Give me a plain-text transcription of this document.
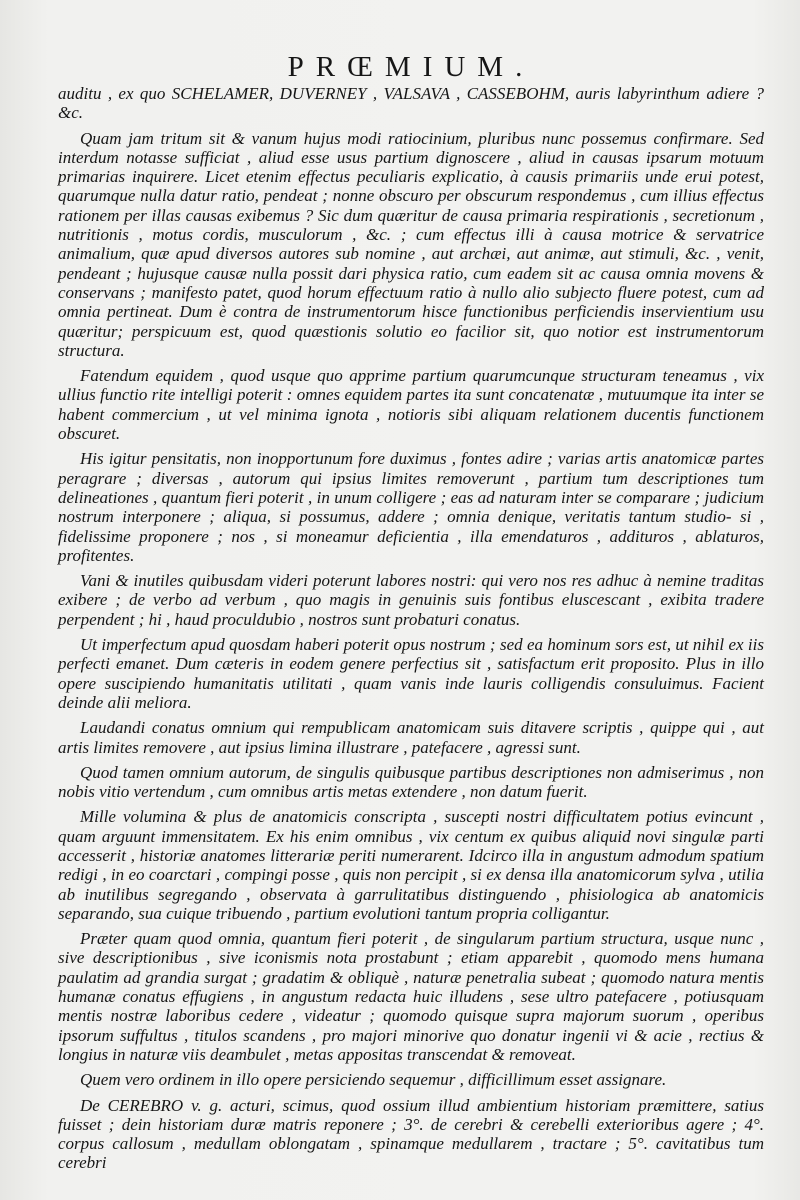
PRŒMIUM.

auditu , ex quo SCHELAMER, DUVERNEY , VALSAVA , CASSEBOHM, auris labyrinthum adiere ? &c.

Quam jam tritum sit & vanum hujus modi ratiocinium, pluribus nunc possemus confirmare. Sed interdum notasse sufficiat , aliud esse usus partium dignoscere , aliud in causas ipsarum motuum primarias inquirere. Licet etenim effectus peculiaris explicatio, à causis primariis unde erui potest, quarumque nulla datur ratio, pendeat ; nonne obscuro per obscurum respondemus , cum illius effectus rationem per illas causas exibemus ? Sic dum quæritur de causa primaria respirationis , secretionum , nutritionis , motus cordis, musculorum , &c. ; cum effectus illi à causa motrice & servatrice animalium, quæ apud diversos autores sub nomine , aut archæi, aut animæ, aut stimuli, &c. , venit, pendeant ; hujusque causæ nulla possit dari physica ratio, cum eadem sit ac causa omnia movens & conservans ; manifesto patet, quod horum effectuum ratio à nullo alio subjecto fluere potest, cum ad omnia pertineat. Dum è contra de instrumentorum hisce functionibus perficiendis inservientium usu quæritur; perspicuum est, quod quæstionis solutio eo facilior sit, quo notior est instrumentorum structura.

Fatendum equidem , quod usque quo apprime partium quarumcunque structuram teneamus , vix ullius functio rite intelligi poterit : omnes equidem partes ita sunt concatenatæ , mutuumque ita inter se habent commercium , ut vel minima ignota , notioris sibi aliquam relationem ducentis functionem obscuret.

His igitur pensitatis, non inopportunum fore duximus , fontes adire ; varias artis anatomicæ partes peragrare ; diversas , autorum qui ipsius limites removerunt , partium tum descriptiones tum delineationes , quantum fieri poterit , in unum colligere ; eas ad naturam inter se comparare ; judicium nostrum interponere ; aliqua, si possumus, addere ; omnia denique, veritatis tantum studio- si , fidelissime proponere ; nos , si moneamur deficientia , illa emendaturos , addituros , ablaturos, profitentes.

Vani & inutiles quibusdam videri poterunt labores nostri: qui vero nos res adhuc à nemine traditas exibere ; de verbo ad verbum , quo magis in genuinis suis fontibus eluscescant , exibita tradere perpendent ; hi , haud proculdubio , nostros sunt probaturi conatus.

Ut imperfectum apud quosdam haberi poterit opus nostrum ; sed ea hominum sors est, ut nihil ex iis perfecti emanet. Dum cæteris in eodem genere perfectius sit , satisfactum erit proposito. Plus in illo opere suscipiendo humanitatis utilitati , quam vanis inde lauris colligendis consuluimus. Facient deinde alii meliora.

Laudandi conatus omnium qui rempublicam anatomicam suis ditavere scriptis , quippe qui , aut artis limites removere , aut ipsius limina illustrare , patefacere , agressi sunt.

Quod tamen omnium autorum, de singulis quibusque partibus descriptiones non admiserimus , non nobis vitio vertendum , cum omnibus artis metas extendere , non datum fuerit.

Mille volumina & plus de anatomicis conscripta , suscepti nostri difficultatem potius evincunt , quam arguunt immensitatem. Ex his enim omnibus , vix centum ex quibus aliquid novi singulæ parti accesserit , historiæ anatomes litterariæ periti numerarent. Idcirco illa in angustum admodum spatium redigi , in eo coarctari , compingi posse , quis non percipit , si ex densa illa anatomicorum sylva , utilia ab inutilibus segregando , observata à garrulitatibus distinguendo , phisiologica ab anatomicis separando, sua cuique tribuendo , partium evolutioni tantum propria colligantur.

Præter quam quod omnia, quantum fieri poterit , de singularum partium structura, usque nunc , sive descriptionibus , sive iconismis nota prostabunt ; etiam apparebit , quomodo mens humana paulatim ad grandia surgat ; gradatim & obliquè , naturæ penetralia subeat ; quomodo natura mentis humanæ conatus effugiens , in angustum redacta huic illudens , sese ultro patefacere , potiusquam mentis nostræ laboribus cedere , videatur ; quomodo quisque supra majorum suorum , operibus ipsorum suffultus , titulos scandens , pro majori minorive quo donatur ingenii vi & acie , rectius & longius in naturæ viis deambulet , metas appositas transcendat & removeat.

Quem vero ordinem in illo opere persiciendo sequemur , difficillimum esset assignare.

De CEREBRO v. g. acturi, scimus, quod ossium illud ambientium historiam præmittere, satius fuisset ; dein historiam duræ matris reponere ; 3°. de cerebri & cerebelli exterioribus agere ; 4°. corpus callosum , medullam oblongatam , spinamque medullarem , tractare ; 5°. cavitatibus tum cerebri
